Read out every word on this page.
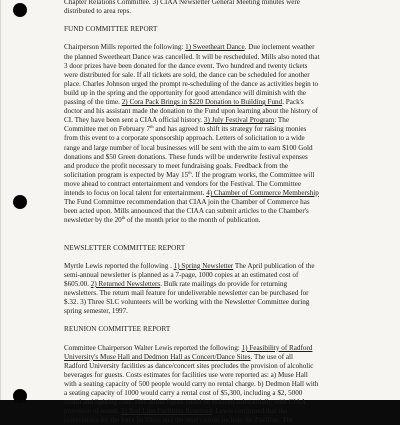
Chapter Relations Committee. 3) CIAA Newsletter General Meeting minutes were
distributed to area reps.
FUND COMMITTEE REPORT
Chairperson Mills reported the following: 1) Sweetheart Dance. Due inclement weather
the planned Sweetheart Dance was cancelled. It will be rescheduled. Mills also noted that
3 door prizes have been donated for the dance event. Two hundred and twenty tickets
were distributed for sale. If all tickets are sold, the dance can be scheduled for another
place. Charles Johnson urged the prompt re-scheduling of the dance as activities begin to
build up in the spring and the opportunity for good attendance will diminish with the
passing of the time. 2) Cora Pack Brings in $220 Donation to Building Fund. Pack's
doctor and his assistant made the donation to the Fund upon learning about the history of
CI. They have been sent a CIAA official history. 3) July Festival Program: The
Committee met on February 7th and has agreed to shift its strategy for raising monies
from this event to a corporate sponsorship approach. Letters of solicitation to a wide
range and large number of local businesses will be sent with the aim to earn $100 Gold
donations and $50 Green donations. These funds will be underwrite festival expenses
and produce the profit necessary to meet fundraising goals. Feedback from the
solicitation program is expected by May 15th. If the program works, the Committee will
move ahead to contract entertainment and vendors for the Festival. The Committee
intends to focus on local talent for entertainment. 4) Chamber of Commerce Membership
The Fund Committee recommendation that CIAA join the Chamber of Commerce has
been acted upon. Mills announced that the CIAA can submit articles to the Chamber's
newsletter by the 20th of the month prior to the month of publication.
NEWSLETTER COMMITTEE REPORT
Myrtle Lewis reported the following . 1) Spring Newsletter The April publication of the
semi-annual newsletter is planned as a 7-page, 1000 copies at an estimated cost of
$605.00. 2) Returned Newsletters. Bulk rate mailings do provide for returning
newsletters. The return mail feature for undeliverable newsletter can be purchased for
$.32. 3) Three SLC volunteers will be working with the Newsletter Committee during
spring semester, 1997.
REUNION COMMITTEE REPORT
Committee Chairperson Walter Lewis reported the following: 1) Feasibility of Radford
University's Muse Hall and Dedmon Hall as Concert/Dance Sites. The use of all
Radford University facilities as dance/concert sites precludes the provision of alcoholic
beverages for guests. Costs estimates for facilities use were reported as: a) Muse Hall
with a seating capacity of 500 people would carry no rental charge. b) Dedmon Hall with
a seating capacity of 1000 would carry a rental cost of $5,300, including a $2, 5000
sound and lighting cost. This dollar figure could be reduced substantially with CIAA
provision of sound. 2) Red Lion Facilities Reserved. Lewis confirmed that the
reservations for the Inn's facilities and the reservations include the Pavilion. The
